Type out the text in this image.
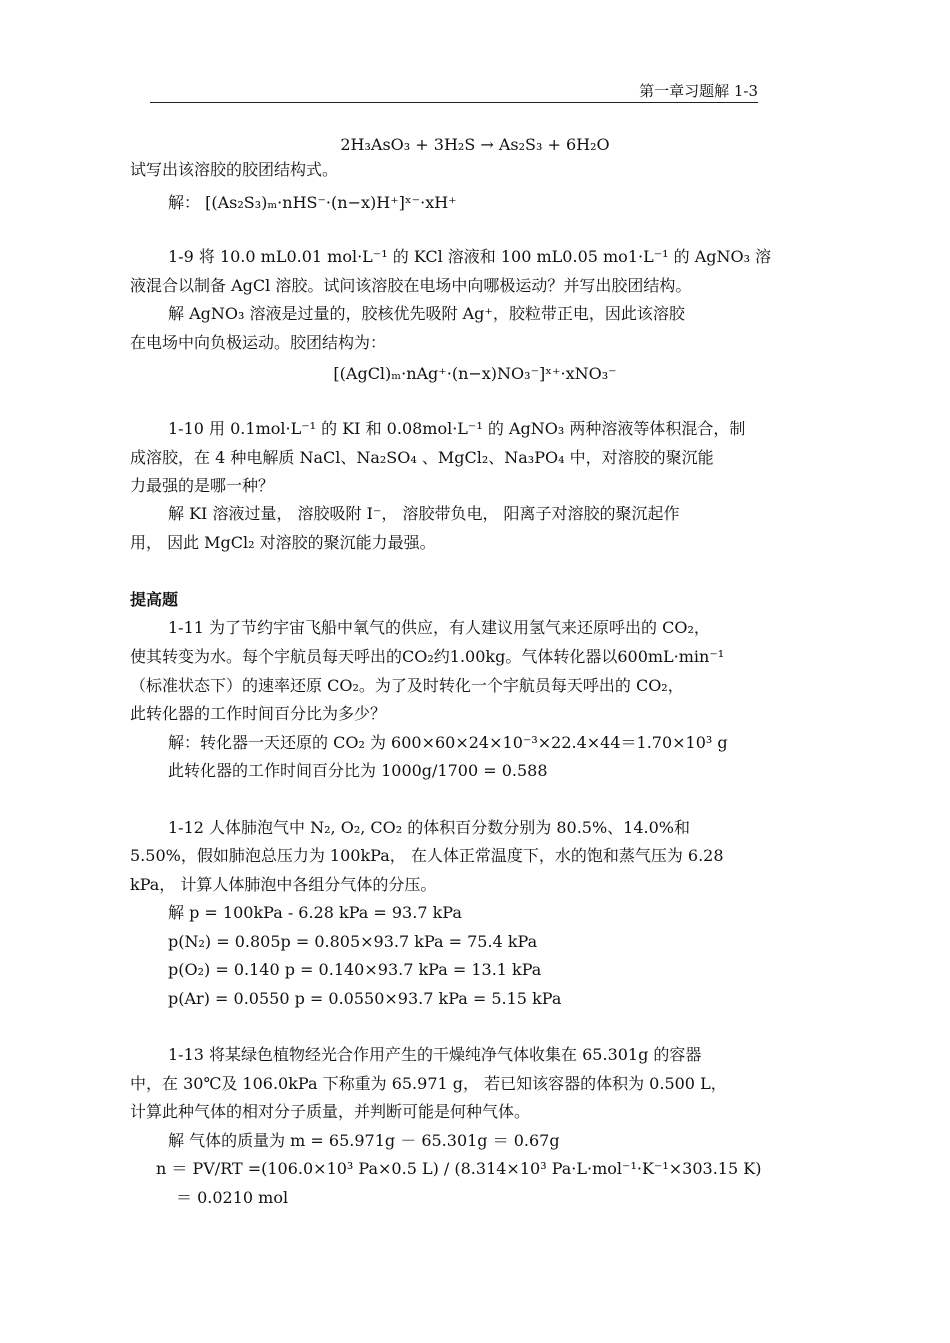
第一章习题解 1-3
2H₃AsO₃ + 3H₂S → As₂S₃ + 6H₂O
试写出该溶胶的胶团结构式。
解： [(As₂S₃)ₘ·nHS⁻·(n−x)H⁺]ˣ⁻·xH⁺
1-9 将 10.0 mL0.01 mol·L⁻¹ 的 KCl 溶液和 100 mL0.05 mo1·L⁻¹ 的 AgNO₃ 溶
液混合以制备 AgCl 溶胶。试问该溶胶在电场中向哪极运动？并写出胶团结构。
解 AgNO₃ 溶液是过量的，胶核优先吸附 Ag⁺，胶粒带正电，因此该溶胶
在电场中向负极运动。胶团结构为：
[(AgCl)ₘ·nAg⁺·(n−x)NO₃⁻]ˣ⁺·xNO₃⁻
1-10 用 0.1mol·L⁻¹ 的 KI 和 0.08mol·L⁻¹ 的 AgNO₃ 两种溶液等体积混合，制
成溶胶，在 4 种电解质 NaCl、Na₂SO₄ 、MgCl₂、Na₃PO₄ 中，对溶胶的聚沉能
力最强的是哪一种？
解 KI 溶液过量， 溶胶吸附 I⁻， 溶胶带负电， 阳离子对溶胶的聚沉起作
用， 因此 MgCl₂ 对溶胶的聚沉能力最强。
提高题
1-11 为了节约宇宙飞船中氧气的供应，有人建议用氢气来还原呼出的 CO₂，
使其转变为水。每个宇航员每天呼出的CO₂约1.00kg。气体转化器以600mL·min⁻¹
（标准状态下）的速率还原 CO₂。为了及时转化一个宇航员每天呼出的 CO₂，
此转化器的工作时间百分比为多少？
解：转化器一天还原的 CO₂ 为 600×60×24×10⁻³×22.4×44＝1.70×10³ g
此转化器的工作时间百分比为 1000g/1700 = 0.588
1-12 人体肺泡气中 N₂, O₂, CO₂ 的体积百分数分别为 80.5%、14.0%和
5.50%，假如肺泡总压力为 100kPa， 在人体正常温度下，水的饱和蒸气压为 6.28
kPa， 计算人体肺泡中各组分气体的分压。
解 p = 100kPa - 6.28 kPa = 93.7 kPa
p(N₂) = 0.805p = 0.805×93.7 kPa = 75.4 kPa
p(O₂) = 0.140 p = 0.140×93.7 kPa = 13.1 kPa
p(Ar) = 0.0550 p = 0.0550×93.7 kPa = 5.15 kPa
1-13 将某绿色植物经光合作用产生的干燥纯净气体收集在 65.301g 的容器
中，在 30℃及 106.0kPa 下称重为 65.971 g， 若已知该容器的体积为 0.500 L，
计算此种气体的相对分子质量，并判断可能是何种气体。
解 气体的质量为 m = 65.971g － 65.301g ＝ 0.67g
n ＝ PV/RT =(106.0×10³ Pa×0.5 L) / (8.314×10³ Pa·L·mol⁻¹·K⁻¹×303.15 K)
＝ 0.0210 mol
